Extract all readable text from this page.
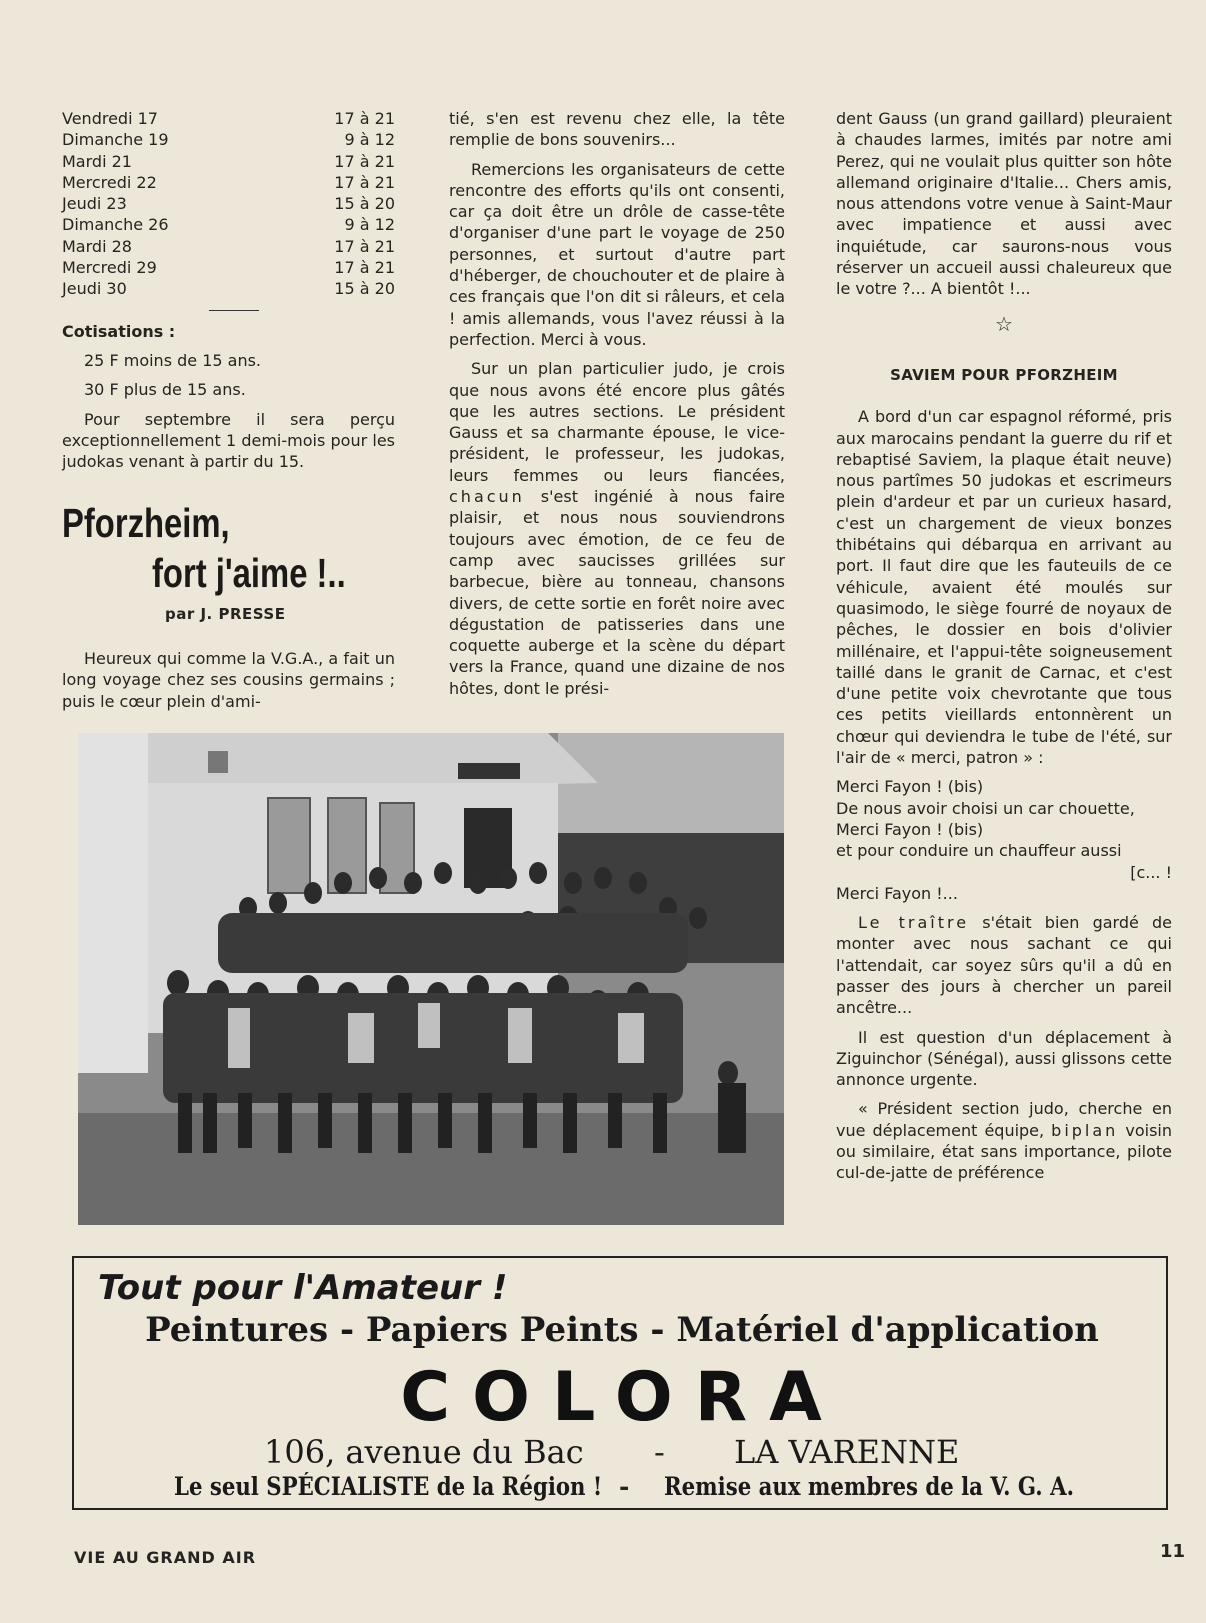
Vendredi 17	17 à 21
Dimanche 19	9 à 12
Mardi 21	17 à 21
Mercredi 22	17 à 21
Jeudi 23	15 à 20
Dimanche 26	9 à 12
Mardi 28	17 à 21
Mercredi 29	17 à 21
Jeudi 30	15 à 20

Cotisations :

25 F moins de 15 ans.

30 F plus de 15 ans.

Pour septembre il sera perçu exceptionnellement 1 demi-mois pour les judokas venant à partir du 15.

Pforzheim,
fort j'aime !..
par J. PRESSE

Heureux qui comme la V.G.A., a fait un long voyage chez ses cousins germains ; puis le cœur plein d'ami-

tié, s'en est revenu chez elle, la tête remplie de bons souvenirs...

Remercions les organisateurs de cette rencontre des efforts qu'ils ont consenti, car ça doit être un drôle de casse-tête d'organiser d'une part le voyage de 250 personnes, et surtout d'autre part d'héberger, de chouchouter et de plaire à ces français que l'on dit si râleurs, et cela ! amis allemands, vous l'avez réussi à la perfection. Merci à vous.

Sur un plan particulier judo, je crois que nous avons été encore plus gâtés que les autres sections. Le président Gauss et sa charmante épouse, le vice-président, le professeur, les judokas, leurs femmes ou leurs fiancées, chacun s'est ingénié à nous faire plaisir, et nous nous souviendrons toujours avec émotion, de ce feu de camp avec saucisses grillées sur barbecue, bière au tonneau, chansons divers, de cette sortie en forêt noire avec dégustation de patisseries dans une coquette auberge et la scène du départ vers la France, quand une dizaine de nos hôtes, dont le prési-

dent Gauss (un grand gaillard) pleuraient à chaudes larmes, imités par notre ami Perez, qui ne voulait plus quitter son hôte allemand originaire d'Italie... Chers amis, nous attendons votre venue à Saint-Maur avec impatience et aussi avec inquiétude, car saurons-nous vous réserver un accueil aussi chaleureux que le votre ?... A bientôt !...

☆
SAVIEM POUR PFORZHEIM

A bord d'un car espagnol réformé, pris aux marocains pendant la guerre du rif et rebaptisé Saviem, la plaque était neuve) nous partîmes 50 judokas et escrimeurs plein d'ardeur et par un curieux hasard, c'est un chargement de vieux bonzes thibétains qui débarqua en arrivant au port. Il faut dire que les fauteuils de ce véhicule, avaient été moulés sur quasimodo, le siège fourré de noyaux de pêches, le dossier en bois d'olivier millénaire, et l'appui-tête soigneusement taillé dans le granit de Carnac, et c'est d'une petite voix chevrotante que tous ces petits vieillards entonnèrent un chœur qui deviendra le tube de l'été, sur l'air de « merci, patron » :

Merci Fayon ! (bis)

De nous avoir choisi un car chouette,

Merci Fayon ! (bis)

et pour conduire un chauffeur aussi

[c... !

Merci Fayon !...

Le traître s'était bien gardé de monter avec nous sachant ce qui l'attendait, car soyez sûrs qu'il a dû en passer des jours à chercher un pareil ancêtre...

Il est question d'un déplacement à Ziguinchor (Sénégal), aussi glissons cette annonce urgente.

« Président section judo, cherche en vue déplacement équipe, biplan voisin ou similaire, état sans importance, pilote cul-de-jatte de préférence

Tout pour l'Amateur !
Peintures - Papiers Peints - Matériel d'application
COLORA
106, avenue du Bac - LA VARENNE
Le seul SPÉCIALISTE de la Région ! - Remise aux membres de la V. G. A.
VIE AU GRAND AIR	11
